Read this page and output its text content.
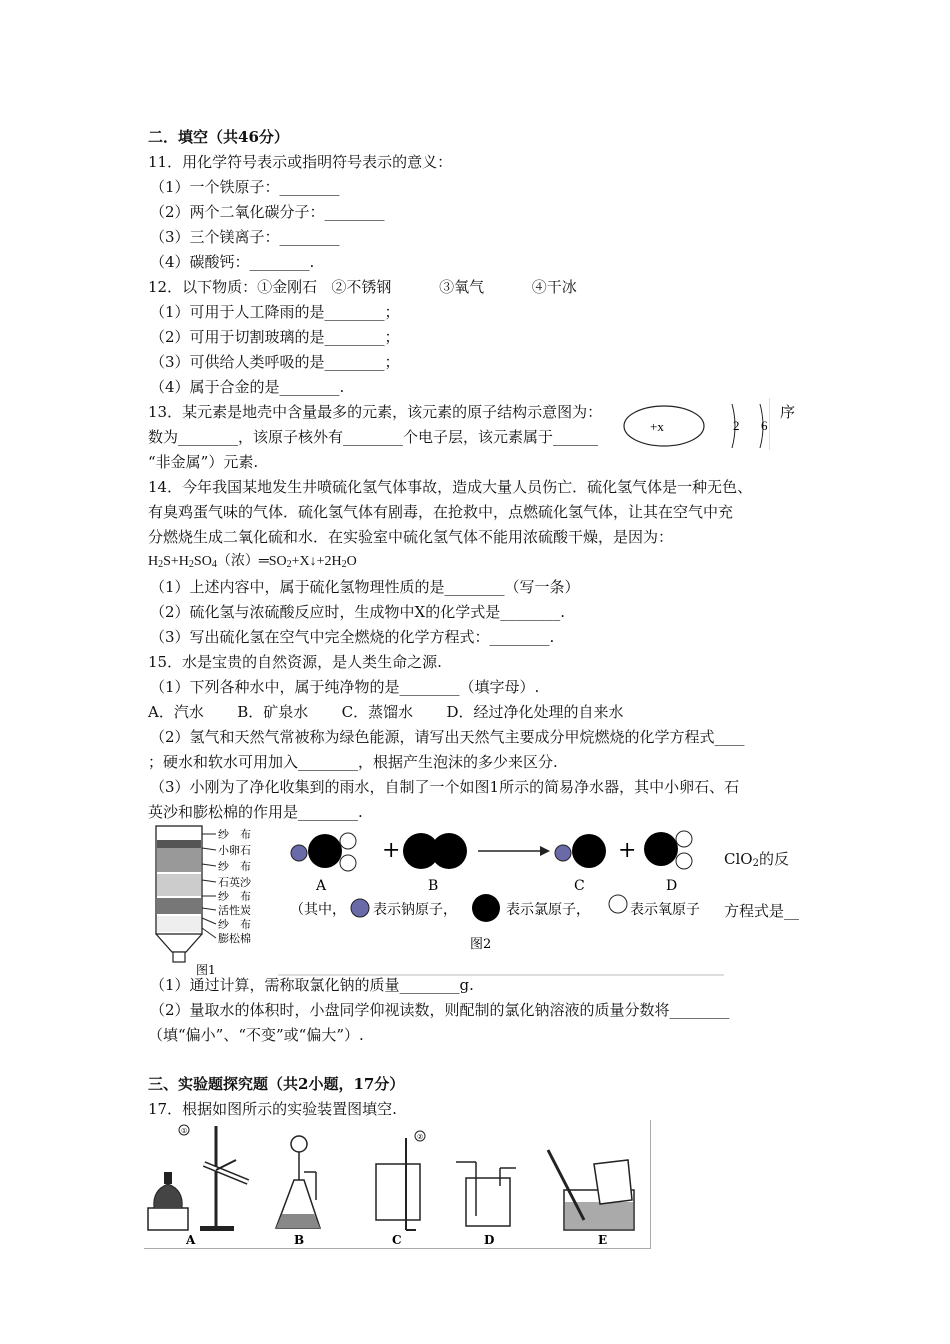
二．填空（共46分）
11．用化学符号表示或指明符号表示的意义：
（1）一个铁原子：________
（2）两个二氧化碳分子：________
（3）三个镁离子：________
（4）碳酸钙：________.
12．以下物质：①金刚石   ②不锈钢          ③氧气          ④干冰
（1）可用于人工降雨的是________；
（2）可用于切割玻璃的是________；
（3）可供给人类呼吸的是________；
（4）属于合金的是________.
13．某元素是地壳中含量最多的元素，该元素的原子结构示意图为：	序
数为________，该原子核外有________个电子层，该元素属于______
“非金属”）元素.
+x	2 6
14．今年我国某地发生井喷硫化氢气体事故，造成大量人员伤亡．硫化氢气体是一种无色、
有臭鸡蛋气味的气体．硫化氢气体有剧毒，在抢救中，点燃硫化氢气体，让其在空气中充
分燃烧生成二氧化硫和水．在实验室中硫化氢气体不能用浓硫酸干燥，是因为：
$H_2S+H_2SO_4$（浓）$═SO_2+X↓+2H_2O$
（1）上述内容中，属于硫化氢物理性质的是________（写一条）
（2）硫化氢与浓硫酸反应时，生成物中X的化学式是________.
（3）写出硫化氢在空气中完全燃烧的化学方程式：________.
15．水是宝贵的自然资源，是人类生命之源.
（1）下列各种水中，属于纯净物的是________（填字母）.
A．汽水       B．矿泉水       C．蒸馏水       D．经过净化处理的自来水
（2）氢气和天然气常被称为绿色能源，请写出天然气主要成分甲烷燃烧的化学方程式____
；硬水和软水可用加入________，根据产生泡沫的多少来区分.
（3）小刚为了净化收集到的雨水，自制了一个如图1所示的简易净水器，其中小卵石、石
英沙和膨松棉的作用是________.
ClO$_2$的反
方程式是__
纱　布
小卵石
纱　布
石英沙
纱　布
活性炭
纱　布
膨松棉
图1
+	+
A	B	C	D
（其中， 表示钠原子，	表示氯原子，	表示氧原子
图2
（1）通过计算，需称取氯化钠的质量________g.
（2）量取水的体积时，小盘同学仰视读数，则配制的氯化钠溶液的质量分数将________
（填“偏小”、“不变”或“偏大”）.
三、实验题探究题（共2小题，17分）
17．根据如图所示的实验装置图填空.
①
②
A	B	C	D	E
